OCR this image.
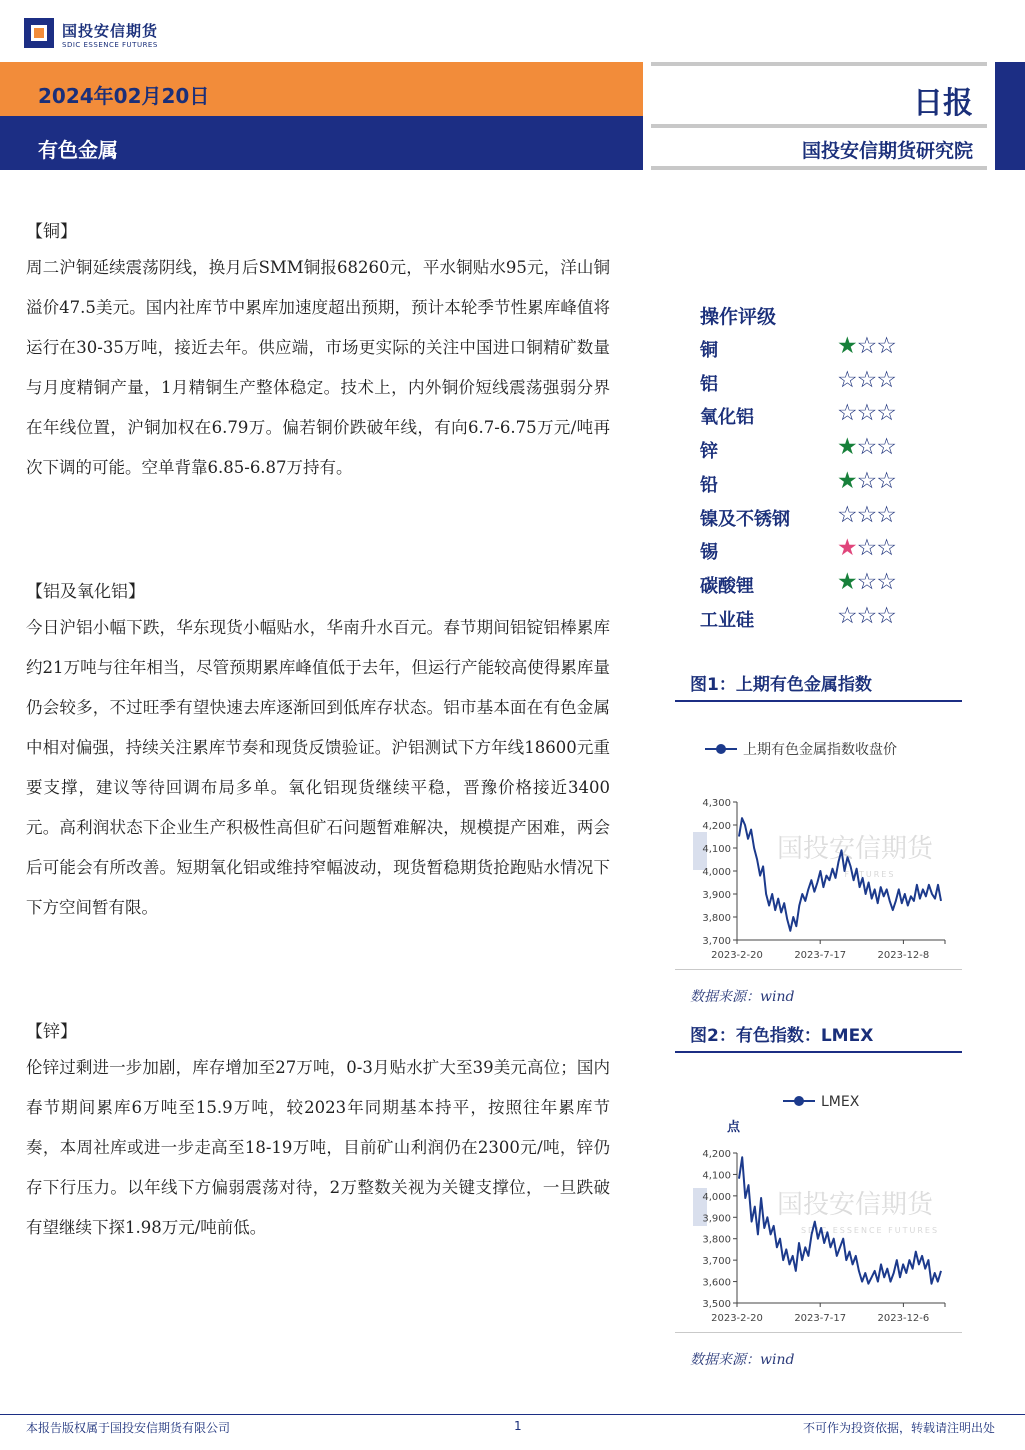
国投安信期货
SDIC ESSENCE FUTURES
2024年02月20日
有色金属
日报
国投安信期货研究院
【铜】
周二沪铜延续震荡阴线，换月后SMM铜报68260元，平水铜贴水95元，洋山铜溢价47.5美元。国内社库节中累库加速度超出预期，预计本轮季节性累库峰值将运行在30-35万吨，接近去年。供应端，市场更实际的关注中国进口铜精矿数量与月度精铜产量，1月精铜生产整体稳定。技术上，内外铜价短线震荡强弱分界在年线位置，沪铜加权在6.79万。偏若铜价跌破年线，有向6.7-6.75万元/吨再次下调的可能。空单背靠6.85-6.87万持有。
【铝及氧化铝】
今日沪铝小幅下跌，华东现货小幅贴水，华南升水百元。春节期间铝锭铝棒累库约21万吨与往年相当，尽管预期累库峰值低于去年，但运行产能较高使得累库量仍会较多，不过旺季有望快速去库逐渐回到低库存状态。铝市基本面在有色金属中相对偏强，持续关注累库节奏和现货反馈验证。沪铝测试下方年线18600元重要支撑，建议等待回调布局多单。氧化铝现货继续平稳，晋豫价格接近3400元。高利润状态下企业生产积极性高但矿石问题暂难解决，规模提产困难，两会后可能会有所改善。短期氧化铝或维持窄幅波动，现货暂稳期货抢跑贴水情况下下方空间暂有限。
【锌】
伦锌过剩进一步加剧，库存增加至27万吨，0-3月贴水扩大至39美元高位；国内春节期间累库6万吨至15.9万吨，较2023年同期基本持平，按照往年累库节奏，本周社库或进一步走高至18-19万吨，目前矿山利润仍在2300元/吨，锌仍存下行压力。以年线下方偏弱震荡对待，2万整数关视为关键支撑位，一旦跌破有望继续下探1.98万元/吨前低。
操作评级
铜	★☆☆
铝	☆☆☆
氧化铝	☆☆☆
锌	★☆☆
铅	★☆☆
镍及不锈钢 ☆☆☆
锡	★☆☆
碳酸锂	★☆☆
工业硅	☆☆☆
图1：上期有色金属指数
国投安信期货
FUTURES
上期有色金属指数收盘价
3,700
3,800
3,900
4,000
4,100
4,200
4,300
2023-2-20	2023-7-17	2023-12-8
数据来源：wind
图2：有色指数：LMEX
国投安信期货
SDIC ESSENCE FUTURES
LMEX
点
3,500
3,600
3,700
3,800
3,900
4,000
4,100
4,200
2023-2-20	2023-7-17	2023-12-6
数据来源：wind
本报告版权属于国投安信期货有限公司	1	不可作为投资依据，转载请注明出处
